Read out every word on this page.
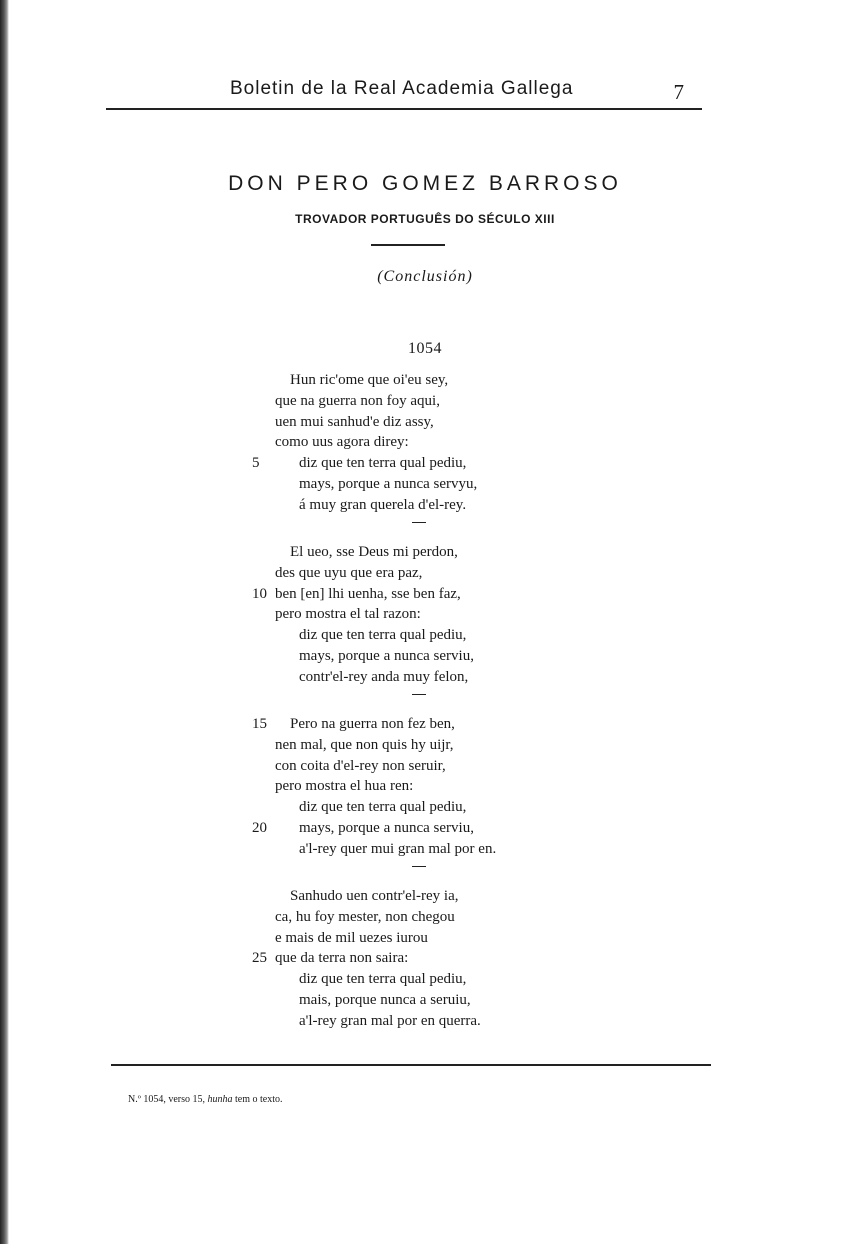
Boletin de la Real Academia Gallega	7
DON PERO GOMEZ BARROSO
TROVADOR PORTUGUÊS DO SÉCULO XIII
(Conclusión)
1054
Hun ric'ome que oi'eu sey,
que na guerra non foy aqui,
uen mui sanhud'e diz assy,
como uus agora direy:
5	diz que ten terra qual pediu,
mays, porque a nunca servyu,
á muy gran querela d'el-rey.
El ueo, sse Deus mi perdon,
des que uyu que era paz,
10 ben [en] lhi uenha, sse ben faz,
pero mostra el tal razon:
diz que ten terra qual pediu,
mays, porque a nunca serviu,
contr'el-rey anda muy felon,
15 Pero na guerra non fez ben,
nen mal, que non quis hy uijr,
con coita d'el-rey non seruir,
pero mostra el hua ren:
diz que ten terra qual pediu,
20 mays, porque a nunca serviu,
a'l-rey quer mui gran mal por en.
Sanhudo uen contr'el-rey ia,
ca, hu foy mester, non chegou
e mais de mil uezes iurou
25 que da terra non saira:
diz que ten terra qual pediu,
mais, porque nunca a seruiu,
a'l-rey gran mal por en querra.
N.º 1054, verso 15, hunha tem o texto.
